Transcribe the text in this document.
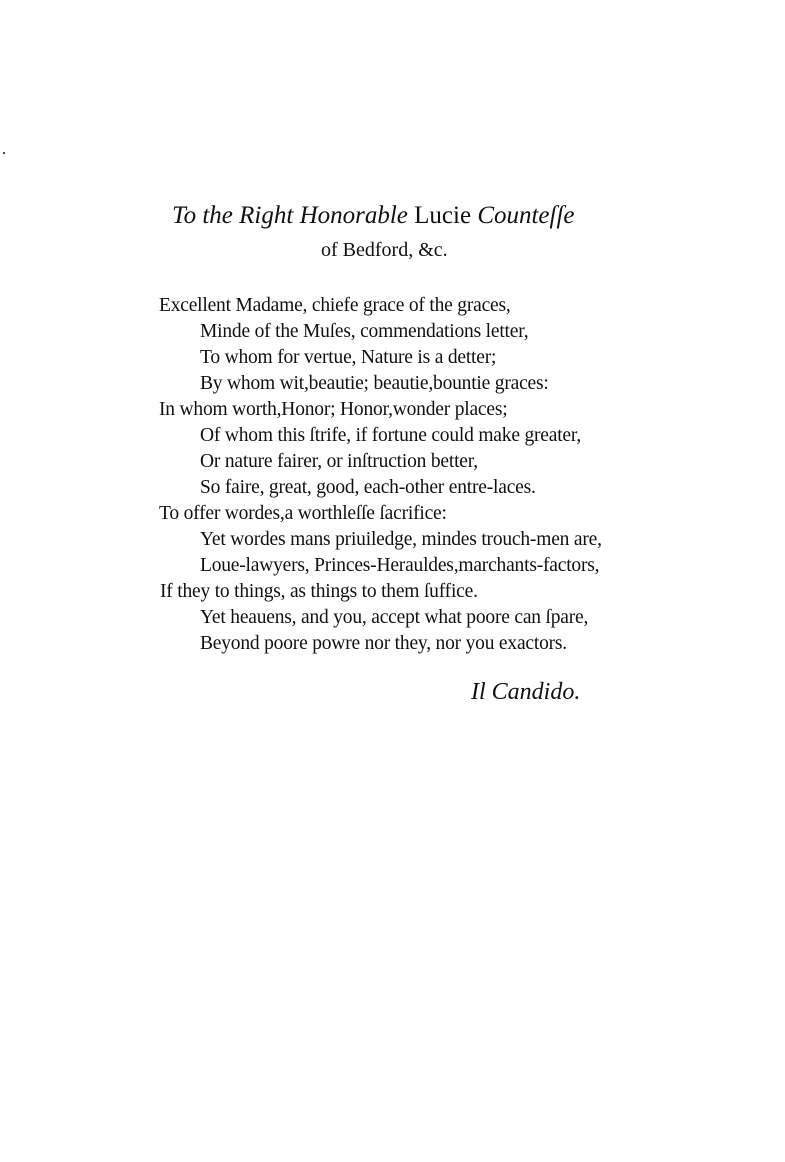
To the Right Honorable Lucie Counteſſe
of Bedford, &c.
Excellent Madame, chiefe grace of the graces,
Minde of the Muſes, commendations letter,
To whom for vertue, Nature is a detter;
By whom wit,beautie; beautie,bountie graces:
In whom worth,Honor; Honor,wonder places;
Of whom this ſtrife, if fortune could make greater,
Or nature fairer, or inſtruction better,
So faire, great, good, each-other entre-laces.
To offer wordes,a worthleſſe ſacrifice:
Yet wordes mans priuiledge, mindes trouch-men are,
Loue-lawyers, Princes-Herauldes,marchants-factors,
If they to things, as things to them ſuffice.
Yet heauens, and you, accept what poore can ſpare,
Beyond poore powre nor they, nor you exactors.
Il Candido.
